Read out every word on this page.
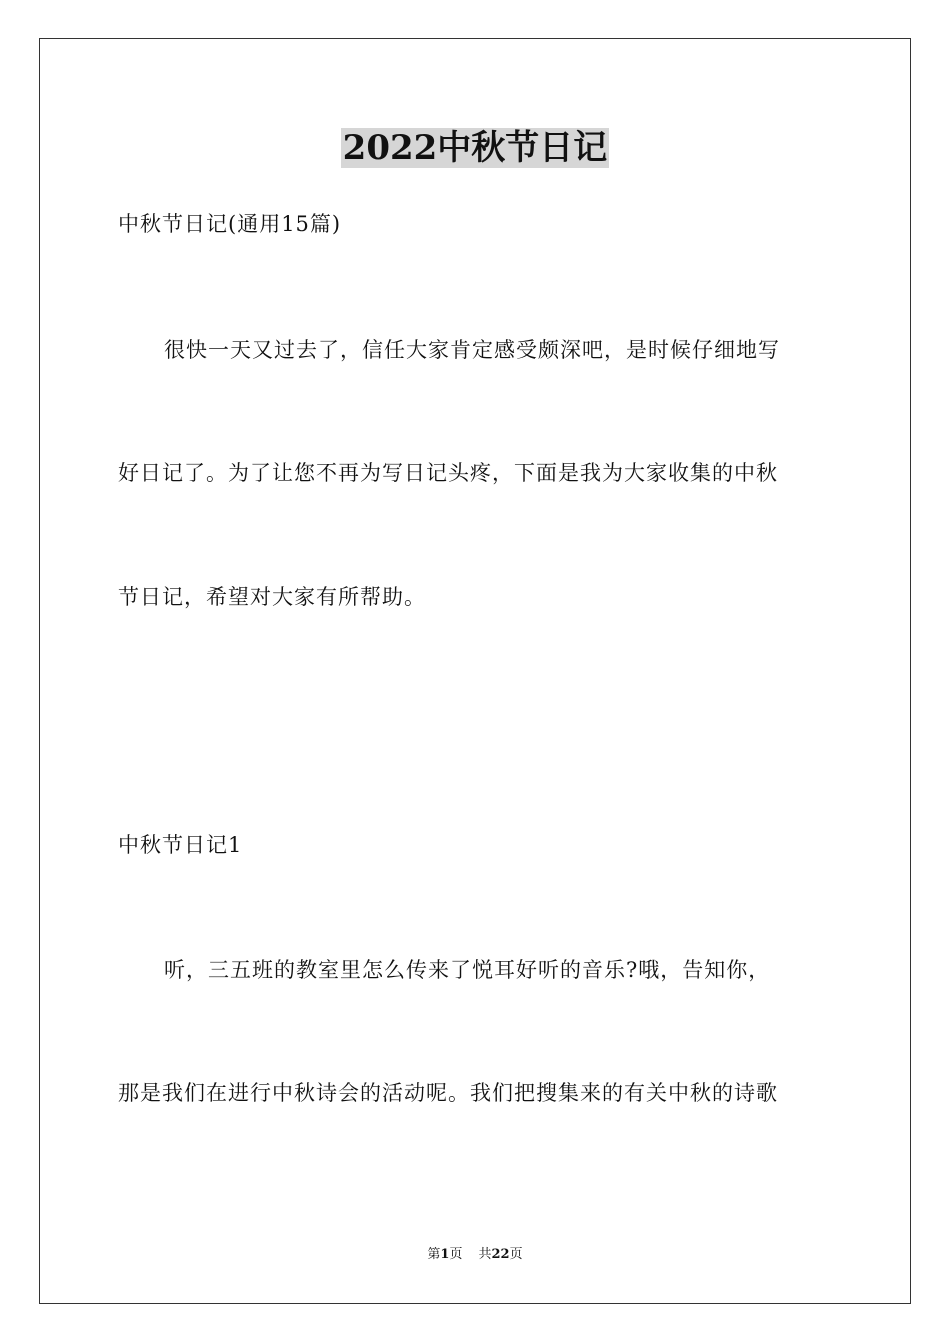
2022中秋节日记
中秋节日记(通用15篇)
很快一天又过去了，信任大家肯定感受颇深吧，是时候仔细地写
好日记了。为了让您不再为写日记头疼，下面是我为大家收集的中秋
节日记，希望对大家有所帮助。
中秋节日记1
听，三五班的教室里怎么传来了悦耳好听的音乐?哦，告知你，
那是我们在进行中秋诗会的活动呢。我们把搜集来的有关中秋的诗歌
第1页 共22页
